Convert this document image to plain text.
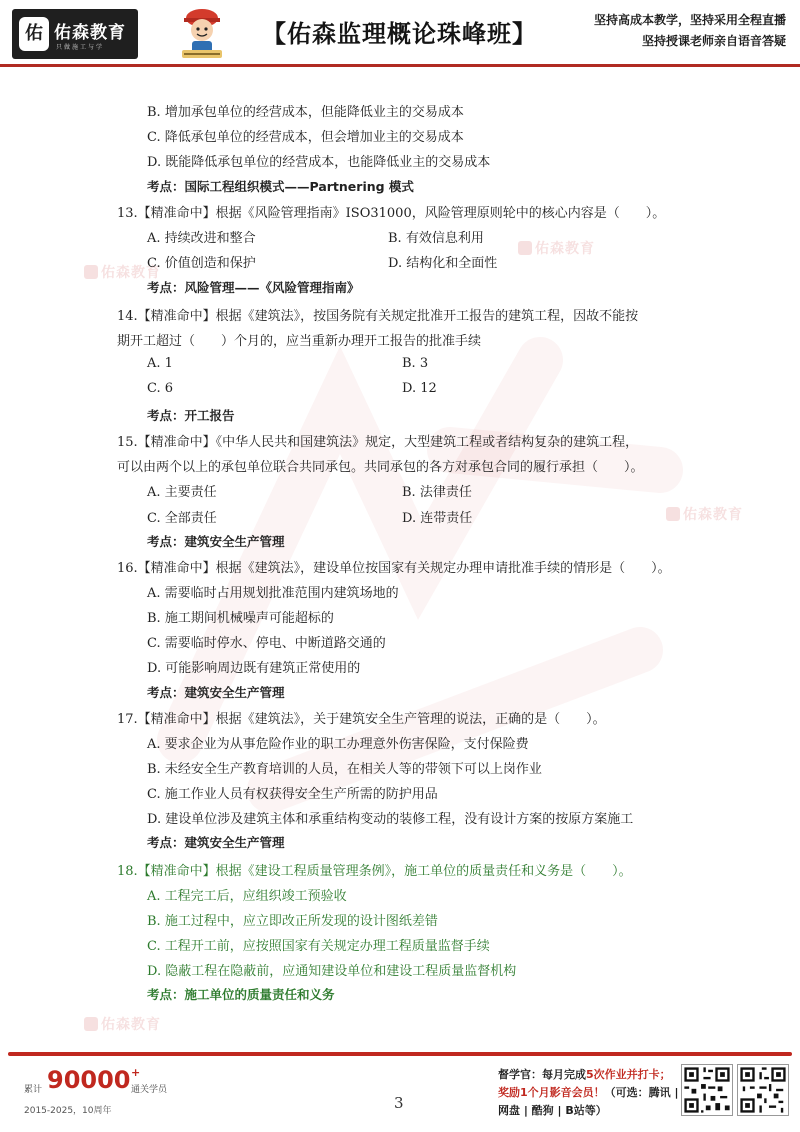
佑 佑森教育
只做施工与学	【佑森监理概论珠峰班】	坚持高成本教学，坚持采用全程直播
坚持授课老师亲自语音答疑
佑森教育
佑森教育
佑森教育
佑森教育
B. 增加承包单位的经营成本，但能降低业主的交易成本
C. 降低承包单位的经营成本，但会增加业主的交易成本
D. 既能降低承包单位的经营成本，也能降低业主的交易成本
考点：国际工程组织模式——Partnering 模式
13.【精准命中】根据《风险管理指南》ISO31000，风险管理原则轮中的核心内容是（　　）。
A. 持续改进和整合	B. 有效信息利用
C. 价值创造和保护	D. 结构化和全面性
考点：风险管理——《风险管理指南》
14.【精准命中】根据《建筑法》，按国务院有关规定批准开工报告的建筑工程，因故不能按
期开工超过（　　）个月的，应当重新办理开工报告的批准手续
A. 1	B. 3
C. 6	D. 12
考点：开工报告
15.【精准命中】《中华人民共和国建筑法》规定，大型建筑工程或者结构复杂的建筑工程，
可以由两个以上的承包单位联合共同承包。共同承包的各方对承包合同的履行承担（　　）。
A. 主要责任	B. 法律责任
C. 全部责任	D. 连带责任
考点：建筑安全生产管理
16.【精准命中】根据《建筑法》，建设单位按国家有关规定办理申请批准手续的情形是（　　）。
A. 需要临时占用规划批准范围内建筑场地的
B. 施工期间机械噪声可能超标的
C. 需要临时停水、停电、中断道路交通的
D. 可能影响周边既有建筑正常使用的
考点：建筑安全生产管理
17.【精准命中】根据《建筑法》，关于建筑安全生产管理的说法，正确的是（　　）。
A. 要求企业为从事危险作业的职工办理意外伤害保险，支付保险费
B. 未经安全生产教育培训的人员，在相关人等的带领下可以上岗作业
C. 施工作业人员有权获得安全生产所需的防护用品
D. 建设单位涉及建筑主体和承重结构变动的装修工程，没有设计方案的按原方案施工
考点：建筑安全生产管理
18.【精准命中】根据《建设工程质量管理条例》，施工单位的质量责任和义务是（　　）。
A. 工程完工后，应组织竣工预验收
B. 施工过程中，应立即改正所发现的设计图纸差错
C. 工程开工前，应按照国家有关规定办理工程质量监督手续
D. 隐蔽工程在隐蔽前，应通知建设单位和建设工程质量监督机构
考点：施工单位的质量责任和义务
累计 90000 +
通关学员
2015-2025，10周年	3
督学官：每月完成5次作业并打卡；
奖励1个月影音会员！（可选：腾讯 |
网盘 | 酷狗 | B站等）
